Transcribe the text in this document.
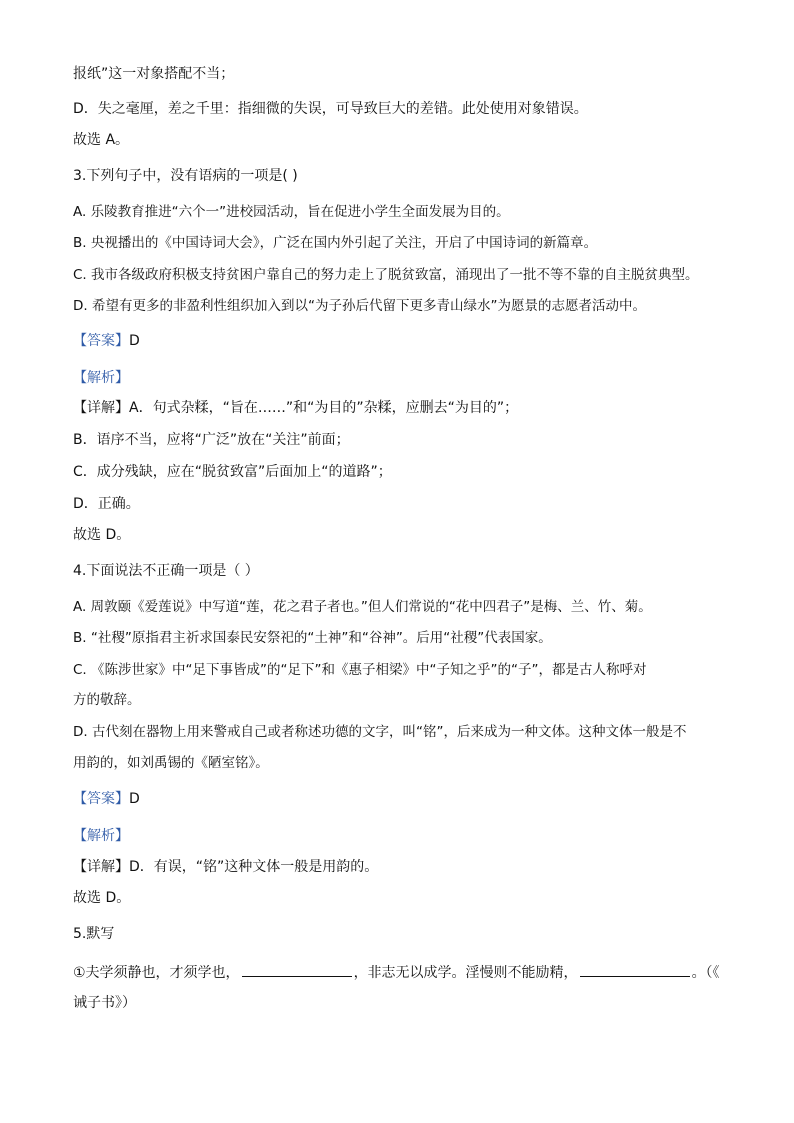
报纸”这一对象搭配不当；

D．失之毫厘，差之千里：指细微的失误，可导致巨大的差错。此处使用对象错误。

故选 A。

3.下列句子中，没有语病的一项是( )

A. 乐陵教育推进“六个一”进校园活动，旨在促进小学生全面发展为目的。

B. 央视播出的《中国诗词大会》，广泛在国内外引起了关注，开启了中国诗词的新篇章。

C. 我市各级政府积极支持贫困户靠自己的努力走上了脱贫致富，涌现出了一批不等不靠的自主脱贫典型。

D. 希望有更多的非盈利性组织加入到以“为子孙后代留下更多青山绿水”为愿景的志愿者活动中。

【答案】D

【解析】

【详解】A．句式杂糅，“旨在……”和“为目的”杂糅，应删去“为目的”；

B．语序不当，应将“广泛”放在“关注”前面；

C．成分残缺，应在“脱贫致富”后面加上“的道路”；

D．正确。

故选 D。

4.下面说法不正确一项是（ ）

A. 周敦颐《爱莲说》中写道“莲，花之君子者也。”但人们常说的“花中四君子”是梅、兰、竹、菊。

B. “社稷”原指君主祈求国泰民安祭祀的“土神”和“谷神”。后用“社稷”代表国家。

C. 《陈涉世家》中“足下事皆成”的“足下”和《惠子相梁》中“子知之乎”的“子”，都是古人称呼对

方的敬辞。

D. 古代刻在器物上用来警戒自己或者称述功德的文字，叫“铭”，后来成为一种文体。这种文体一般是不

用韵的，如刘禹锡的《陋室铭》。

【答案】D

【解析】

【详解】D．有误，“铭”这种文体一般是用韵的。

故选 D。

5.默写

①夫学须静也，才须学也，	，非志无以成学。淫慢则不能励精，	。（《

诫子书》）
